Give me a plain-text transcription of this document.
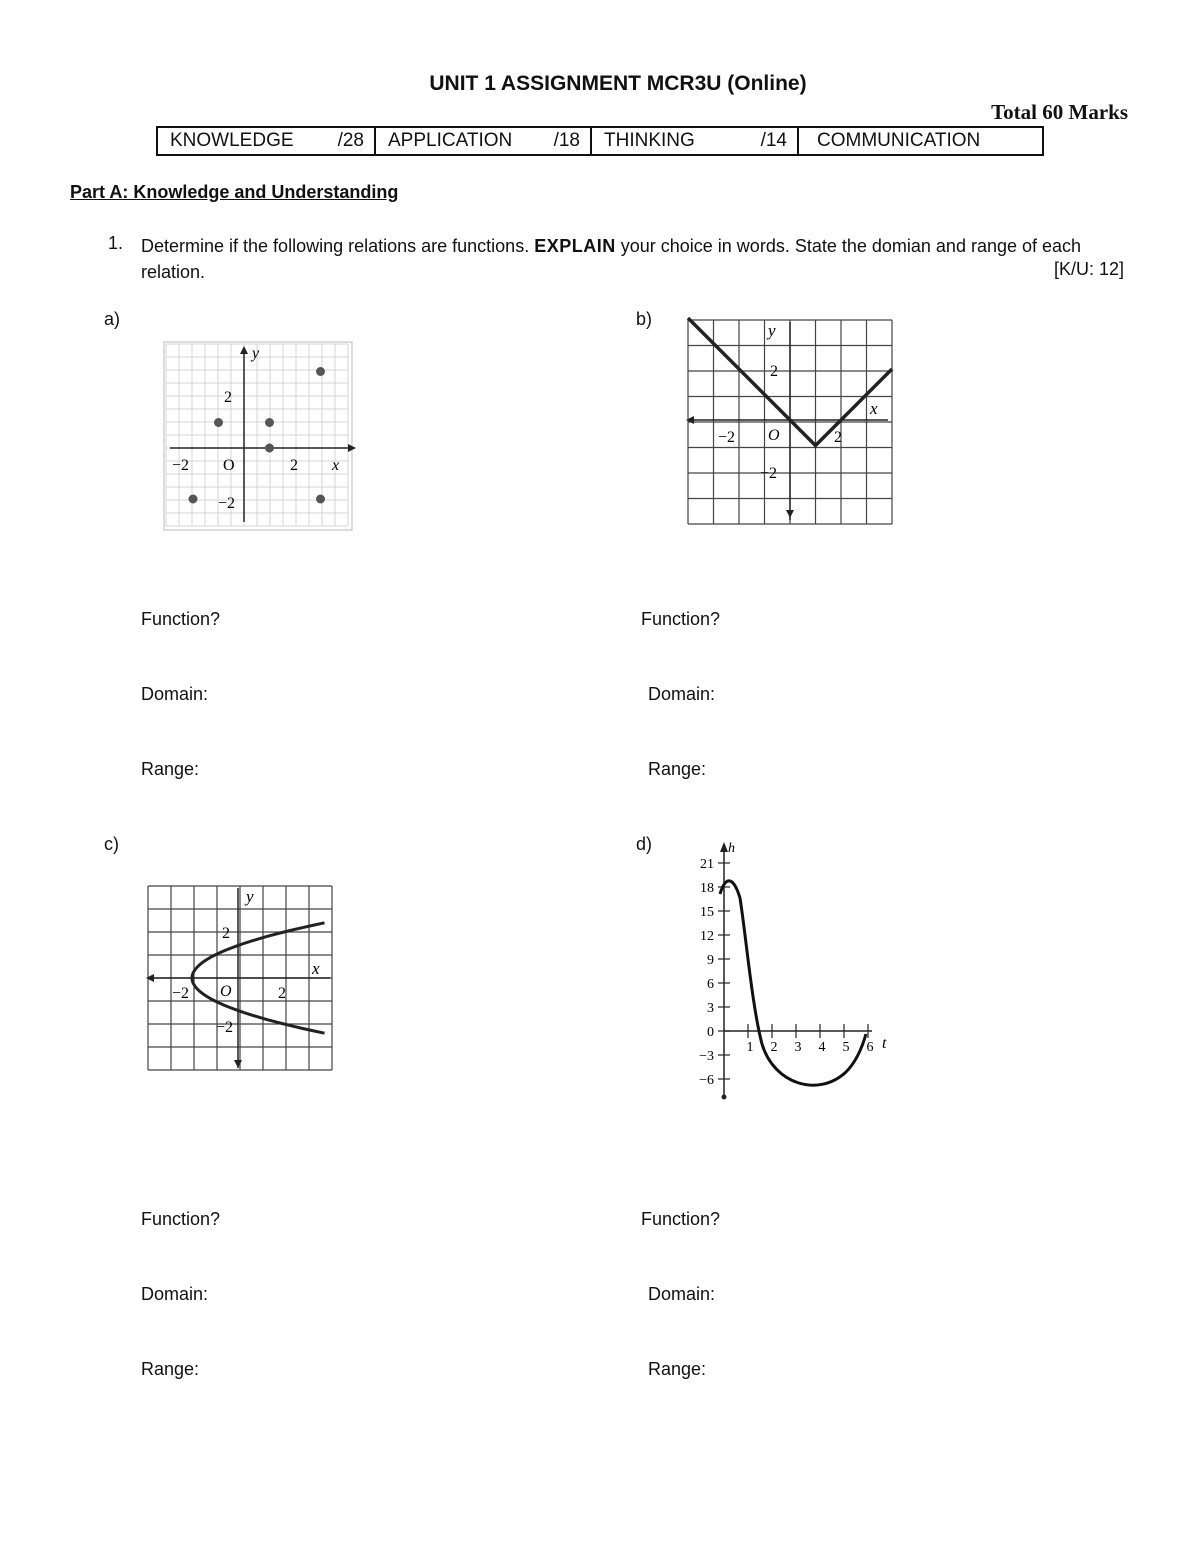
UNIT 1 ASSIGNMENT MCR3U (Online)
Total 60 Marks
KNOWLEDGE /28 APPLICATION /18 THINKING	/14 COMMUNICATION
Part A: Knowledge and Understanding
1. Determine if the following relations are functions. EXPLAIN your choice in words. State the domian and range of each relation.	[K/U: 12]
a)	b)
c)	d)
y
x
O
−2	2
2
−2
y
x
O
−2	2
2
−2
y
x
O
−2	2
2
−2
h
t
21
18
15
12
9
6
3
0
−3
−6
1 2 3 4 5 6
Function?
Domain:
Range:
Function?
Domain:
Range:
Function?
Domain:
Range:
Function?
Domain:
Range:
